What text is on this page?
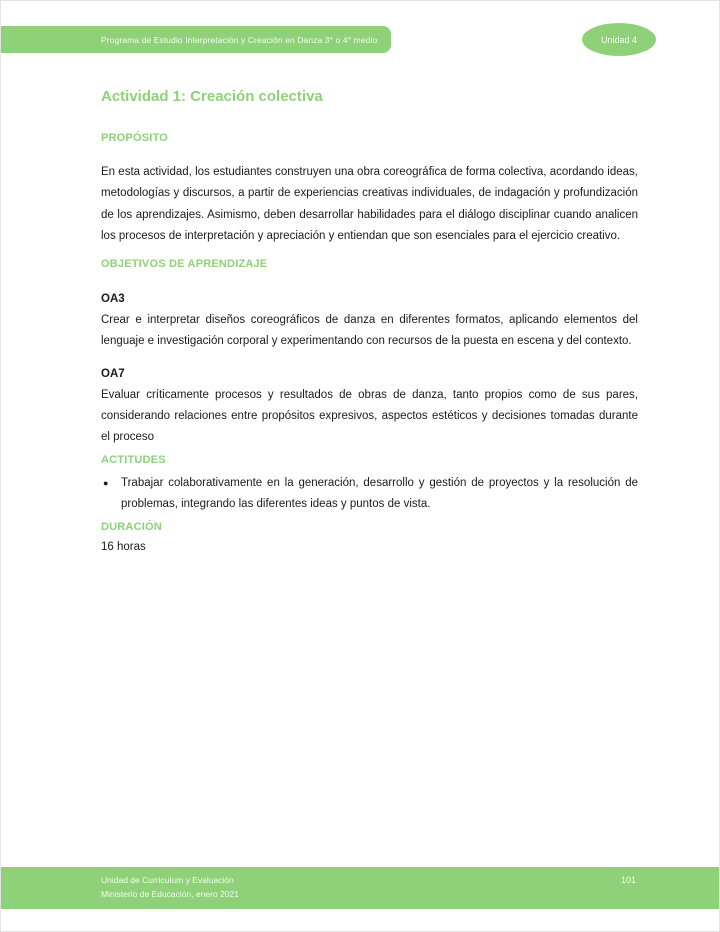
Programa de Estudio Interpretación y Creación en Danza 3° o 4° medio	Unidad 4
Actividad 1: Creación colectiva
PROPÓSITO
En esta actividad, los estudiantes construyen una obra coreográfica de forma colectiva, acordando ideas, metodologías y discursos, a partir de experiencias creativas individuales, de indagación y profundización de los aprendizajes. Asimismo, deben desarrollar habilidades para el diálogo disciplinar cuando analicen los procesos de interpretación y apreciación y entiendan que son esenciales para el ejercicio creativo.
OBJETIVOS DE APRENDIZAJE
OA3
Crear e interpretar diseños coreográficos de danza en diferentes formatos, aplicando elementos del lenguaje e investigación corporal y experimentando con recursos de la puesta en escena y del contexto.
OA7
Evaluar críticamente procesos y resultados de obras de danza, tanto propios como de sus pares, considerando relaciones entre propósitos expresivos, aspectos estéticos y decisiones tomadas durante el proceso
ACTITUDES
●	Trabajar colaborativamente en la generación, desarrollo y gestión de proyectos y la resolución de problemas, integrando las diferentes ideas y puntos de vista.
DURACIÓN
16 horas
Unidad de Curriculum y Evaluación
Ministerio de Educación, enero 2021
101
